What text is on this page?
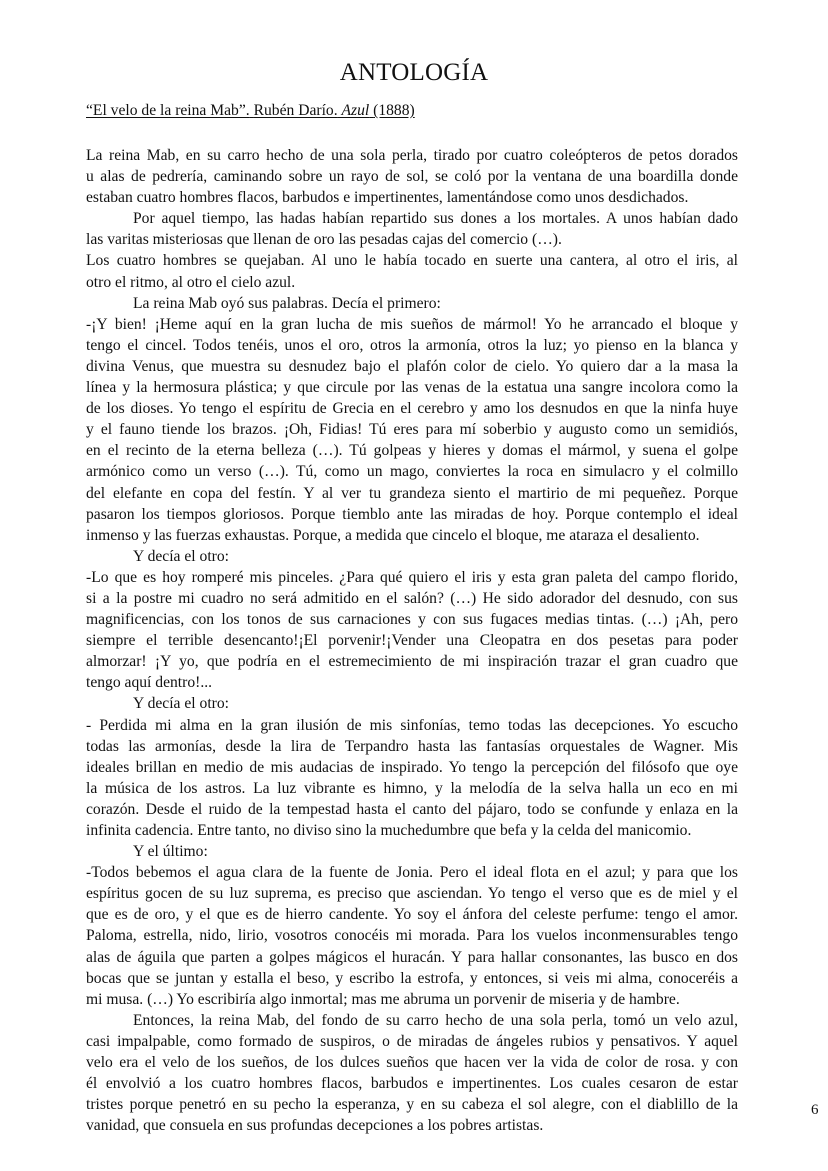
ANTOLOGÍA
“El velo de la reina Mab”. Rubén Darío. Azul (1888)
La reina Mab, en su carro hecho de una sola perla, tirado por cuatro coleópteros de petos dorados
u alas de pedrería, caminando sobre un rayo de sol, se coló por la ventana de una boardilla donde
estaban cuatro hombres flacos, barbudos e impertinentes, lamentándose como unos desdichados.
Por aquel tiempo, las hadas habían repartido sus dones a los mortales. A unos habían dado
las varitas misteriosas que llenan de oro las pesadas cajas del comercio (…).
Los cuatro hombres se quejaban. Al uno le había tocado en suerte una cantera, al otro el iris, al
otro el ritmo, al otro el cielo azul.
La reina Mab oyó sus palabras. Decía el primero:
-¡Y bien! ¡Heme aquí en la gran lucha de mis sueños de mármol! Yo he arrancado el bloque y
tengo el cincel. Todos tenéis, unos el oro, otros la armonía, otros la luz; yo pienso en la blanca y
divina Venus, que muestra su desnudez bajo el plafón color de cielo. Yo quiero dar a la masa la
línea y la hermosura plástica; y que circule por las venas de la estatua una sangre incolora como la
de los dioses. Yo tengo el espíritu de Grecia en el cerebro y amo los desnudos en que la ninfa huye
y el fauno tiende los brazos. ¡Oh, Fidias! Tú eres para mí soberbio y augusto como un semidiós,
en el recinto de la eterna belleza (…). Tú golpeas y hieres y domas el mármol, y suena el golpe
armónico como un verso (…). Tú, como un mago, conviertes la roca en simulacro y el colmillo
del elefante en copa del festín. Y al ver tu grandeza siento el martirio de mi pequeñez. Porque
pasaron los tiempos gloriosos. Porque tiemblo ante las miradas de hoy. Porque contemplo el ideal
inmenso y las fuerzas exhaustas. Porque, a medida que cincelo el bloque, me ataraza el desaliento.
Y decía el otro:
-Lo que es hoy romperé mis pinceles. ¿Para qué quiero el iris y esta gran paleta del campo florido,
si a la postre mi cuadro no será admitido en el salón? (…) He sido adorador del desnudo, con sus
magnificencias, con los tonos de sus carnaciones y con sus fugaces medias tintas. (…) ¡Ah, pero
siempre el terrible desencanto!¡El porvenir!¡Vender una Cleopatra en dos pesetas para poder
almorzar! ¡Y yo, que podría en el estremecimiento de mi inspiración trazar el gran cuadro que
tengo aquí dentro!...
Y decía el otro:
- Perdida mi alma en la gran ilusión de mis sinfonías, temo todas las decepciones. Yo escucho
todas las armonías, desde la lira de Terpandro hasta las fantasías orquestales de Wagner. Mis
ideales brillan en medio de mis audacias de inspirado. Yo tengo la percepción del filósofo que oye
la música de los astros. La luz vibrante es himno, y la melodía de la selva halla un eco en mi
corazón. Desde el ruido de la tempestad hasta el canto del pájaro, todo se confunde y enlaza en la
infinita cadencia. Entre tanto, no diviso sino la muchedumbre que befa y la celda del manicomio.
Y el último:
-Todos bebemos el agua clara de la fuente de Jonia. Pero el ideal flota en el azul; y para que los
espíritus gocen de su luz suprema, es preciso que asciendan. Yo tengo el verso que es de miel y el
que es de oro, y el que es de hierro candente. Yo soy el ánfora del celeste perfume: tengo el amor.
Paloma, estrella, nido, lirio, vosotros conocéis mi morada. Para los vuelos inconmensurables tengo
alas de águila que parten a golpes mágicos el huracán. Y para hallar consonantes, las busco en dos
bocas que se juntan y estalla el beso, y escribo la estrofa, y entonces, si veis mi alma, conoceréis a
mi musa. (…) Yo escribiría algo inmortal; mas me abruma un porvenir de miseria y de hambre.
Entonces, la reina Mab, del fondo de su carro hecho de una sola perla, tomó un velo azul,
casi impalpable, como formado de suspiros, o de miradas de ángeles rubios y pensativos. Y aquel
velo era el velo de los sueños, de los dulces sueños que hacen ver la vida de color de rosa. y con
él envolvió a los cuatro hombres flacos, barbudos e impertinentes. Los cuales cesaron de estar
tristes porque penetró en su pecho la esperanza, y en su cabeza el sol alegre, con el diablillo de la
vanidad, que consuela en sus profundas decepciones a los pobres artistas.
6
